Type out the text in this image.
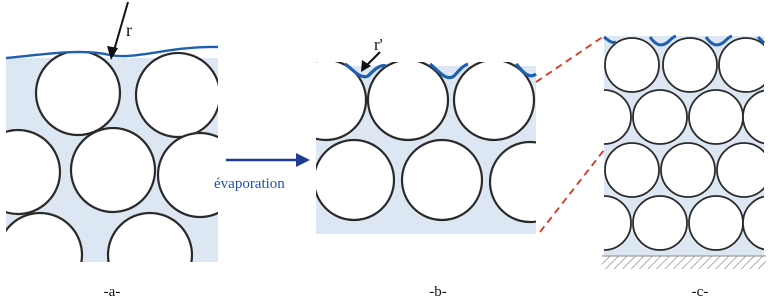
r
évaporation
r'
-a-	-b-	-c-
